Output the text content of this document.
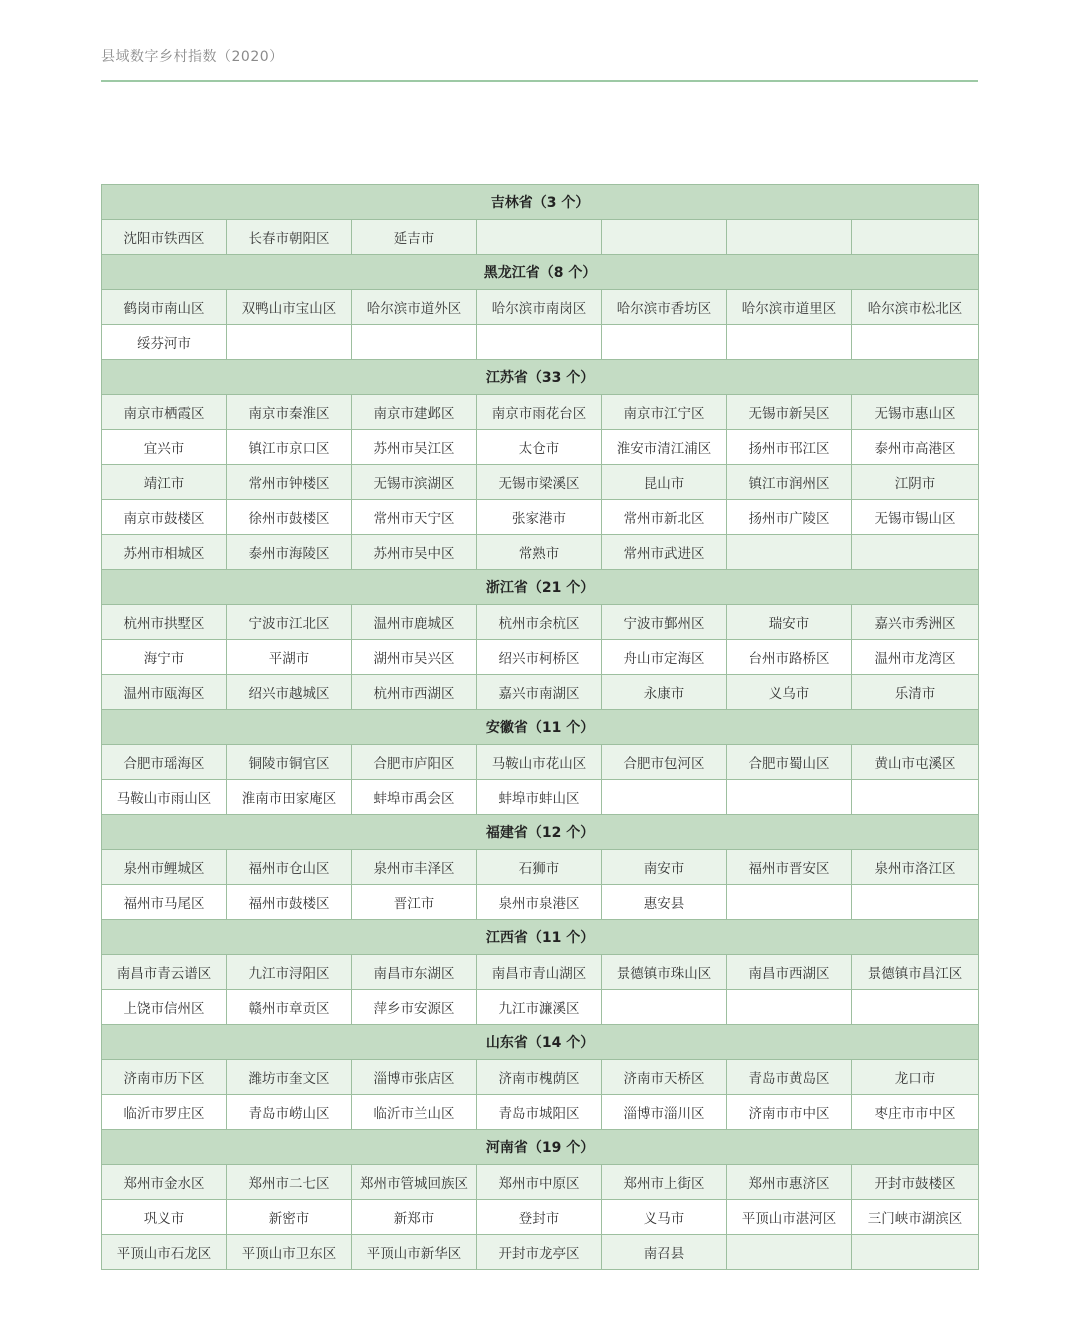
县域数字乡村指数（2020）
吉林省（3 个）						
沈阳市铁西区	长春市朝阳区	延吉市				
黑龙江省（8 个）						
鹤岗市南山区	双鸭山市宝山区	哈尔滨市道外区	哈尔滨市南岗区	哈尔滨市香坊区	哈尔滨市道里区	哈尔滨市松北区
绥芬河市						
江苏省（33 个）						
南京市栖霞区	南京市秦淮区	南京市建邺区	南京市雨花台区	南京市江宁区	无锡市新吴区	无锡市惠山区
宜兴市	镇江市京口区	苏州市吴江区	太仓市	淮安市清江浦区	扬州市邗江区	泰州市高港区
靖江市	常州市钟楼区	无锡市滨湖区	无锡市梁溪区	昆山市	镇江市润州区	江阴市
南京市鼓楼区	徐州市鼓楼区	常州市天宁区	张家港市	常州市新北区	扬州市广陵区	无锡市锡山区
苏州市相城区	泰州市海陵区	苏州市吴中区	常熟市	常州市武进区		
浙江省（21 个）						
杭州市拱墅区	宁波市江北区	温州市鹿城区	杭州市余杭区	宁波市鄞州区	瑞安市	嘉兴市秀洲区
海宁市	平湖市	湖州市吴兴区	绍兴市柯桥区	舟山市定海区	台州市路桥区	温州市龙湾区
温州市瓯海区	绍兴市越城区	杭州市西湖区	嘉兴市南湖区	永康市	义乌市	乐清市
安徽省（11 个）						
合肥市瑶海区	铜陵市铜官区	合肥市庐阳区	马鞍山市花山区	合肥市包河区	合肥市蜀山区	黄山市屯溪区
马鞍山市雨山区	淮南市田家庵区	蚌埠市禹会区	蚌埠市蚌山区			
福建省（12 个）						
泉州市鲤城区	福州市仓山区	泉州市丰泽区	石狮市	南安市	福州市晋安区	泉州市洛江区
福州市马尾区	福州市鼓楼区	晋江市	泉州市泉港区	惠安县		
江西省（11 个）						
南昌市青云谱区	九江市浔阳区	南昌市东湖区	南昌市青山湖区	景德镇市珠山区	南昌市西湖区	景德镇市昌江区
上饶市信州区	赣州市章贡区	萍乡市安源区	九江市濂溪区			
山东省（14 个）						
济南市历下区	潍坊市奎文区	淄博市张店区	济南市槐荫区	济南市天桥区	青岛市黄岛区	龙口市
临沂市罗庄区	青岛市崂山区	临沂市兰山区	青岛市城阳区	淄博市淄川区	济南市市中区	枣庄市市中区
河南省（19 个）						
郑州市金水区	郑州市二七区	郑州市管城回族区	郑州市中原区	郑州市上街区	郑州市惠济区	开封市鼓楼区
巩义市	新密市	新郑市	登封市	义马市	平顶山市湛河区	三门峡市湖滨区
平顶山市石龙区	平顶山市卫东区	平顶山市新华区	开封市龙亭区	南召县		
